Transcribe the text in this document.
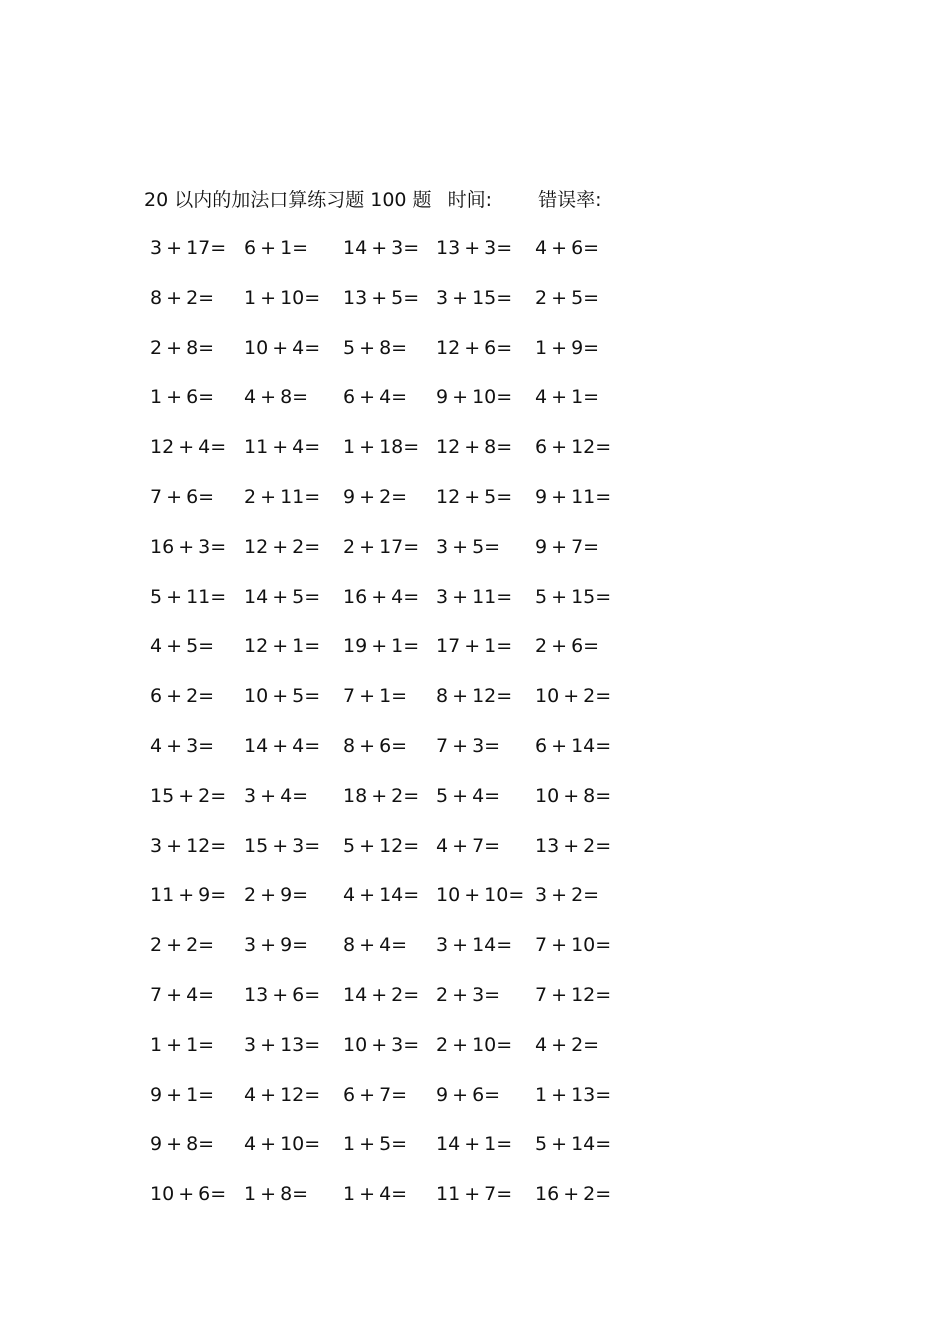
20 以内的加法口算练习题 100 题 时间: 错误率:
3 + 17= 6 + 1= 14 + 3= 13 + 3= 4 + 6=
8 + 2= 1 + 10= 13 + 5= 3 + 15= 2 + 5=
2 + 8= 10 + 4= 5 + 8= 12 + 6= 1 + 9=
1 + 6= 4 + 8= 6 + 4= 9 + 10= 4 + 1=
12 + 4= 11 + 4= 1 + 18= 12 + 8= 6 + 12=
7 + 6= 2 + 11= 9 + 2= 12 + 5= 9 + 11=
16 + 3= 12 + 2= 2 + 17= 3 + 5= 9 + 7=
5 + 11= 14 + 5= 16 + 4= 3 + 11= 5 + 15=
4 + 5= 12 + 1= 19 + 1= 17 + 1= 2 + 6=
6 + 2= 10 + 5= 7 + 1= 8 + 12= 10 + 2=
4 + 3= 14 + 4= 8 + 6= 7 + 3= 6 + 14=
15 + 2= 3 + 4= 18 + 2= 5 + 4= 10 + 8=
3 + 12= 15 + 3= 5 + 12= 4 + 7= 13 + 2=
11 + 9= 2 + 9= 4 + 14= 10 + 10= 3 + 2=
2 + 2= 3 + 9= 8 + 4= 3 + 14= 7 + 10=
7 + 4= 13 + 6= 14 + 2= 2 + 3= 7 + 12=
1 + 1= 3 + 13= 10 + 3= 2 + 10= 4 + 2=
9 + 1= 4 + 12= 6 + 7= 9 + 6= 1 + 13=
9 + 8= 4 + 10= 1 + 5= 14 + 1= 5 + 14=
10 + 6= 1 + 8= 1 + 4= 11 + 7= 16 + 2=
